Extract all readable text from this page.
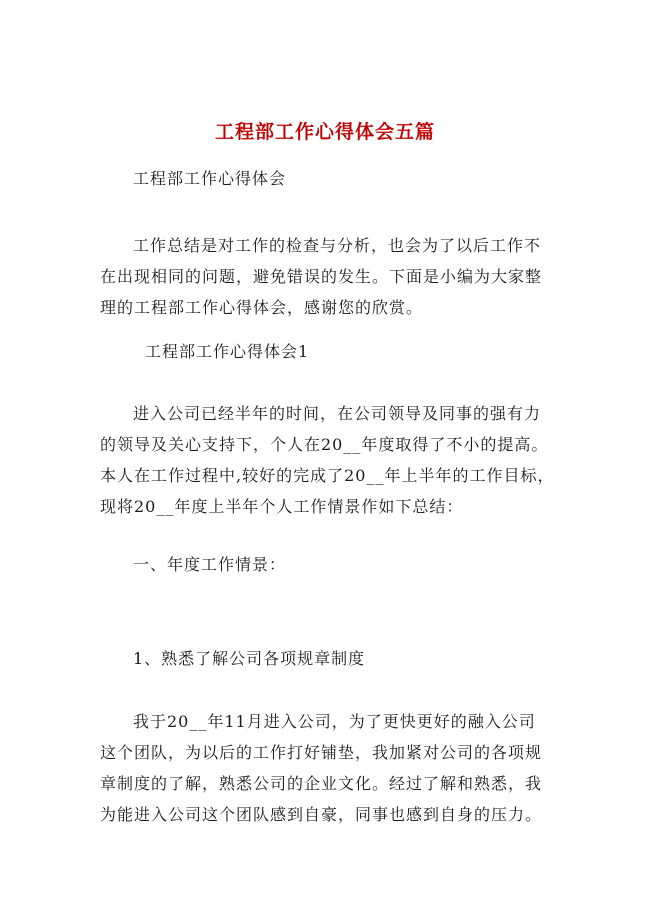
工程部工作心得体会五篇
工程部工作心得体会
工作总结是对工作的检查与分析，也会为了以后工作不
在出现相同的问题，避免错误的发生。下面是小编为大家整
理的工程部工作心得体会，感谢您的欣赏。
工程部工作心得体会1
进入公司已经半年的时间，在公司领导及同事的强有力
的领导及关心支持下，个人在20__年度取得了不小的提高。
本人在工作过程中,较好的完成了20__年上半年的工作目标，
现将20__年度上半年个人工作情景作如下总结：
一、年度工作情景：
1、熟悉了解公司各项规章制度
我于20__年11月进入公司，为了更快更好的融入公司
这个团队，为以后的工作打好铺垫，我加紧对公司的各项规
章制度的了解，熟悉公司的企业文化。经过了解和熟悉，我
为能进入公司这个团队感到自豪，同事也感到自身的压力。
